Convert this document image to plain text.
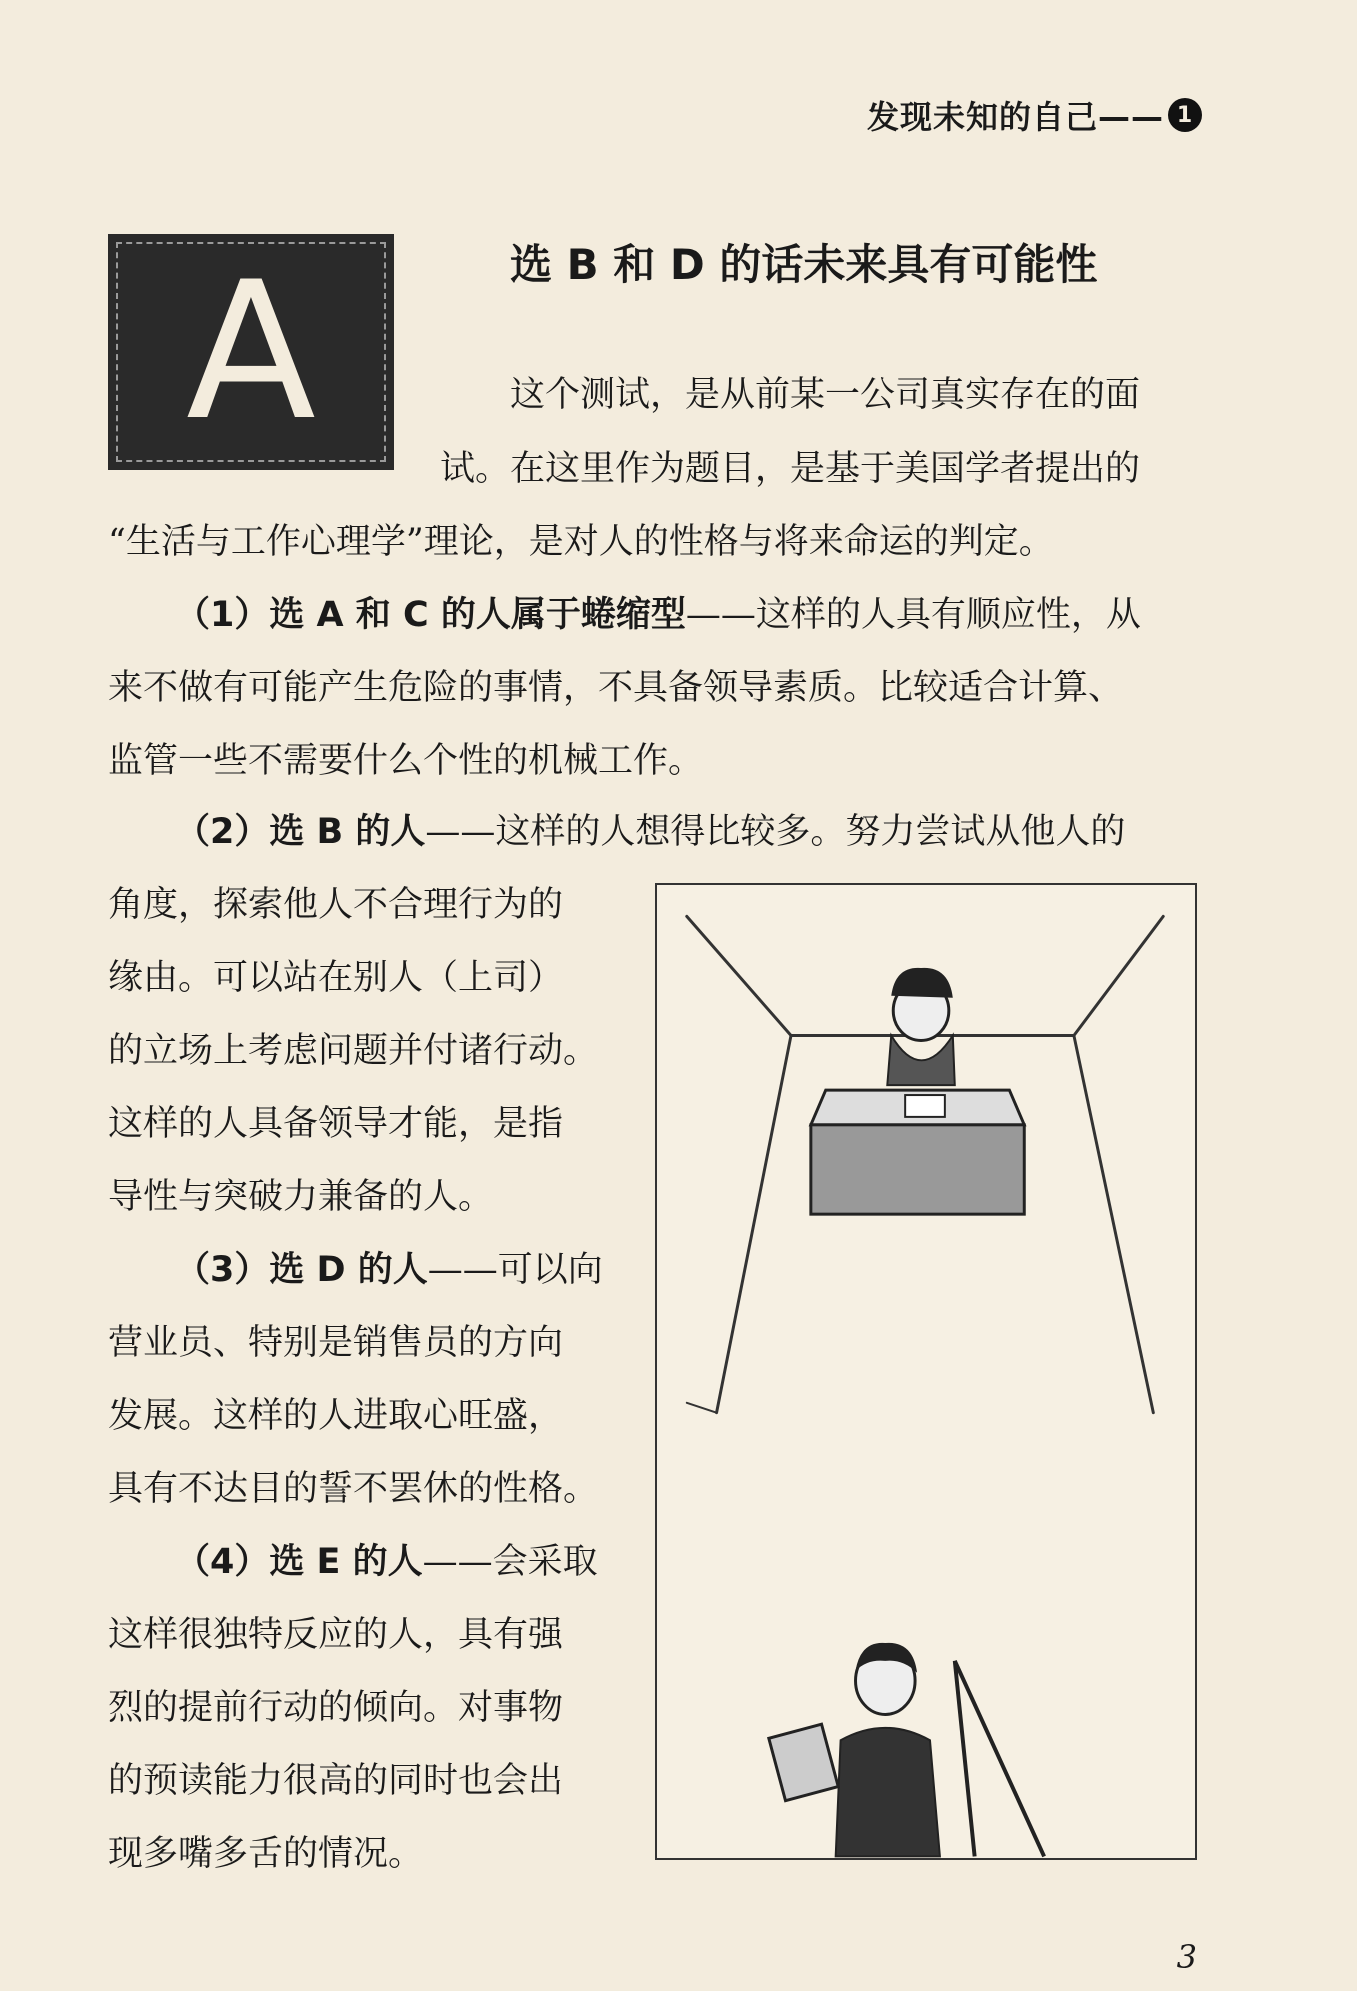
发现未知的自己—— 1
A	选 B 和 D 的话未来具有可能性
这个测试，是从前某一公司真实存在的面
试。在这里作为题目，是基于美国学者提出的
“生活与工作心理学”理论，是对人的性格与将来命运的判定。
（1）选 A 和 C 的人属于蜷缩型——这样的人具有顺应性，从
来不做有可能产生危险的事情，不具备领导素质。比较适合计算、
监管一些不需要什么个性的机械工作。
（2）选 B 的人——这样的人想得比较多。努力尝试从他人的
角度，探索他人不合理行为的
缘由。可以站在别人（上司）
的立场上考虑问题并付诸行动。
这样的人具备领导才能，是指
导性与突破力兼备的人。
（3）选 D 的人——可以向
营业员、特别是销售员的方向
发展。这样的人进取心旺盛，
具有不达目的誓不罢休的性格。
（4）选 E 的人——会采取
这样很独特反应的人，具有强
烈的提前行动的倾向。对事物
的预读能力很高的同时也会出
现多嘴多舌的情况。
3
